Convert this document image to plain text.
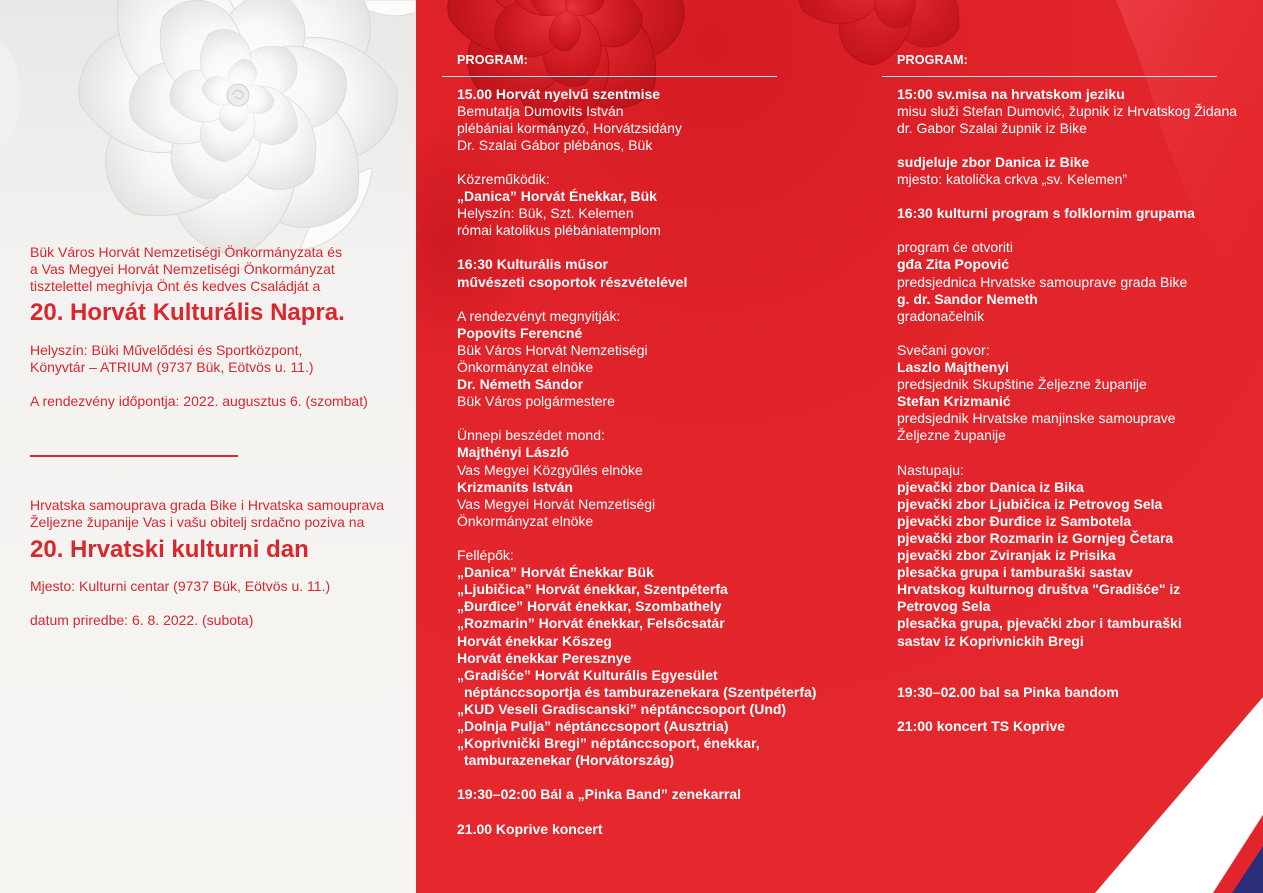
Bük Város Horvát Nemzetiségi Önkormányzata és
a Vas Megyei Horvát Nemzetiségi Önkormányzat
tisztelettel meghívja Önt és kedves Családját a
20. Horvát Kulturális Napra.
Helyszín: Büki Művelődési és Sportközpont,
Könyvtár – ATRIUM (9737 Bük, Eötvös u. 11.)
A rendezvény időpontja: 2022. augusztus 6. (szombat)
Hrvatska samouprava grada Bike i Hrvatska samouprava
Željezne županije Vas i vašu obitelj srdačno poziva na
20. Hrvatski kulturni dan
Mjesto: Kulturni centar (9737 Bük, Eötvös u. 11.)
datum priredbe: 6. 8. 2022. (subota)
PROGRAM:
15.00 Horvát nyelvű szentmise
Bemutatja Dumovits István
plébániai kormányzó, Horvátzsidány
Dr. Szalai Gábor plébános, Bük
Közreműködik:
„Danica” Horvát Énekkar, Bük
Helyszín: Bük, Szt. Kelemen
római katolikus plébániatemplom
16:30 Kulturális műsor
művészeti csoportok részvételével
A rendezvényt megnyitják:
Popovits Ferencné
Bük Város Horvát Nemzetiségi
Önkormányzat elnöke
Dr. Németh Sándor
Bük Város polgármestere
Ünnepi beszédet mond:
Majthényi László
Vas Megyei Közgyűlés elnöke
Krizmanits István
Vas Megyei Horvát Nemzetiségi
Önkormányzat elnöke
Fellépők:
„Danica” Horvát Énekkar Bük
„Ljubičica” Horvát énekkar, Szentpéterfa
„Đurđice” Horvát énekkar, Szombathely
„Rozmarin” Horvát énekkar, Felsőcsatár
Horvát énekkar Kőszeg
Horvát énekkar Peresznye
„Gradišće” Horvát Kulturális Egyesület
néptánccsoportja és tamburazenekara (Szentpéterfa)
„KUD Veseli Gradiscanski” néptánccsoport (Und)
„Dolnja Pulja” néptánccsoport (Ausztria)
„Koprivnički Bregi” néptánccsoport, énekkar,
tamburazenekar (Horvátország)
19:30–02:00 Bál a „Pinka Band” zenekarral
21.00 Koprive koncert
PROGRAM:
15:00 sv.misa na hrvatskom jeziku
misu služi Stefan Dumović, župnik iz Hrvatskog Židana
dr. Gabor Szalai župnik iz Bike
sudjeluje zbor Danica iz Bike
mjesto: katolička crkva „sv. Kelemen”
16:30 kulturni program s folklornim grupama
program će otvoriti
gđa Zita Popović
predsjednica Hrvatske samouprave grada Bike
g. dr. Sandor Nemeth
gradonačelnik
Svečani govor:
Laszlo Majthenyi
predsjednik Skupštine Željezne županije
Stefan Krizmanić
predsjednik Hrvatske manjinske samouprave
Željezne županije
Nastupaju:
pjevački zbor Danica iz Bika
pjevački zbor Ljubičica iz Petrovog Sela
pjevački zbor Đurđice iz Sambotela
pjevački zbor Rozmarin iz Gornjeg Četara
pjevački zbor Zviranjak iz Prisika
plesačka grupa i tamburaški sastav
Hrvatskog kulturnog društva "Gradišće" iz
Petrovog Sela
plesačka grupa, pjevački zbor i tamburaški
sastav iz Koprivnickih Bregi
19:30–02.00 bal sa Pinka bandom
21:00 koncert TS Koprive
